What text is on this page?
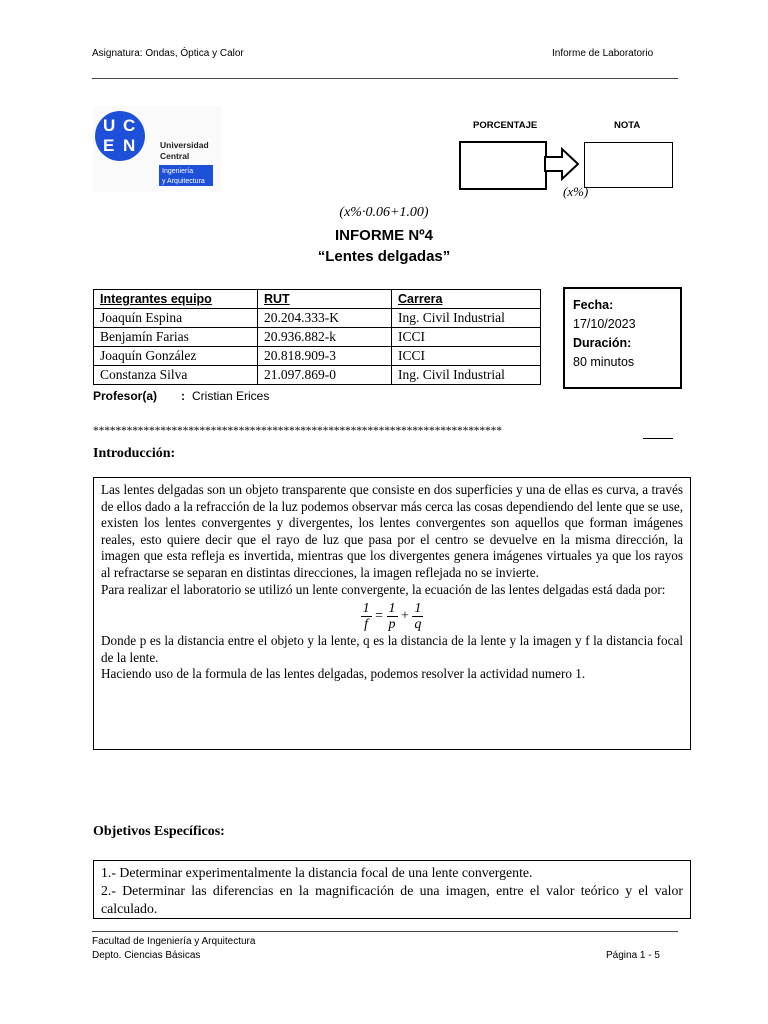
Asignatura: Ondas, Óptica y Calor	Informe de Laboratorio
U C
E N	Universidad
Central
Ingeniería
y Arquitectura
PORCENTAJE	NOTA
(x%)
(x%·0.06+1.00)
INFORME Nº4
“Lentes delgadas”
Integrantes equipo	RUT	Carrera
Joaquín Espina	20.204.333-K	Ing. Civil Industrial
Benjamín Farias	20.936.882-k	ICCI
Joaquín González	20.818.909-3	ICCI
Constanza Silva	21.097.869-0	Ing. Civil Industrial
Fecha:
17/10/2023
Duración:
80 minutos
Profesor(a) : Cristian Erices
*************************************************************************
Introducción:

Las lentes delgadas son un objeto transparente que consiste en dos superficies y una de ellas es curva, a través de ellos dado a la refracción de la luz podemos observar más cerca las cosas dependiendo del lente que se use, existen los lentes convergentes y divergentes, los lentes convergentes son aquellos que forman imágenes reales, esto quiere decir que el rayo de luz que pasa por el centro se devuelve en la misma dirección, la imagen que esta refleja es invertida, mientras que los divergentes genera imágenes virtuales ya que los rayos al refractarse se separan en distintas direcciones, la imagen reflejada no se invierte.

Para realizar el laboratorio se utilizó un lente convergente, la ecuación de las lentes delgadas está dada por:

$\frac{1}{f} = \frac{1}{p} + \frac{1}{q}$

Donde p es la distancia entre el objeto y la lente, q es la distancia de la lente y la imagen y f la distancia focal de la lente.

Haciendo uso de la formula de las lentes delgadas, podemos resolver la actividad numero 1.

Objetivos Específicos:

1.- Determinar experimentalmente la distancia focal de una lente convergente.

2.- Determinar las diferencias en la magnificación de una imagen, entre el valor teórico y el valor calculado.

Facultad de Ingeniería y Arquitectura
Depto. Ciencias Básicas	Página 1 - 5
